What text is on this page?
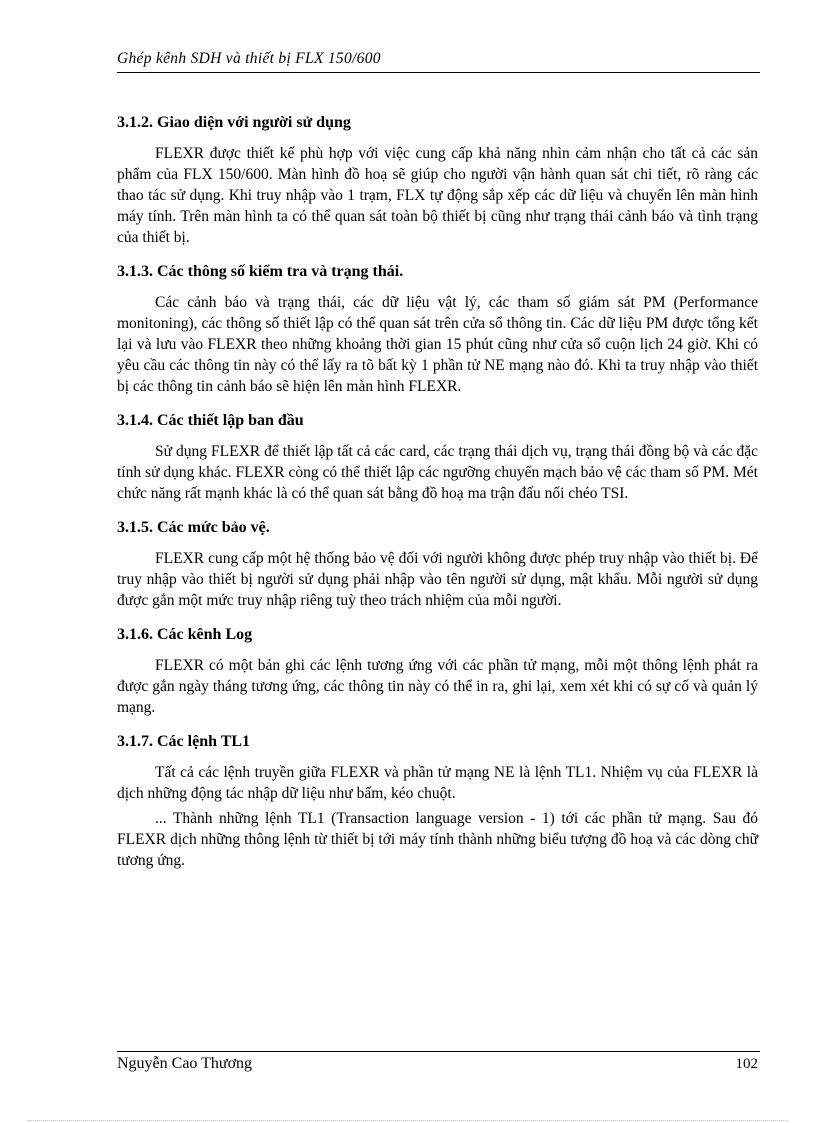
Ghép kênh SDH và thiết bị FLX 150/600
3.1.2. Giao diện với người sử dụng

FLEXR được thiết kế phù hợp với việc cung cấp khả năng nhìn cảm nhận cho tất cả các sản phẩm của FLX 150/600. Màn hình đồ hoạ sẽ giúp cho người vận hành quan sát chi tiết, rõ ràng các thao tác sử dụng. Khi truy nhập vào 1 trạm, FLX tự động sắp xếp các dữ liệu và chuyển lên màn hình máy tính. Trên màn hình ta có thể quan sát toàn bộ thiết bị cũng như trạng thái cảnh báo và tình trạng của thiết bị.

3.1.3. Các thông số kiểm tra và trạng thái.

Các cảnh báo và trạng thái, các dữ liệu vật lý, các tham số giám sát PM (Performance monitoning), các thông số thiết lập có thể quan sát trên cửa sổ thông tin. Các dữ liệu PM được tổng kết lại và lưu vào FLEXR theo những khoảng thời gian 15 phút cũng như cửa sổ cuộn lịch 24 giờ. Khi có yêu cầu các thông tin này có thể lấy ra tõ bất kỳ 1 phần tử NE mạng nào đó. Khi ta truy nhập vào thiết bị các thông tin cảnh báo sẽ hiện lên màn hình FLEXR.

3.1.4. Các thiết lập ban đầu

Sử dụng FLEXR để thiết lập tất cả các card, các trạng thái dịch vụ, trạng thái đồng bộ và các đặc tính sử dụng khác. FLEXR còng có thể thiết lập các ngưỡng chuyển mạch bảo vệ các tham số PM. Mét chức năng rất mạnh khác là có thể quan sát bằng đồ hoạ ma trận đấu nối chéo TSI.

3.1.5. Các mức bảo vệ.

FLEXR cung cấp một hệ thống bảo vệ đối với người không được phép truy nhập vào thiết bị. Để truy nhập vào thiết bị người sử dụng phải nhập vào tên người sử dụng, mật khẩu. Mỗi người sử dụng được gắn một mức truy nhập riêng tuỳ theo trách nhiệm của mỗi người.

3.1.6. Các kênh Log

FLEXR có một bản ghi các lệnh tương ứng với các phần tử mạng, mỗi một thông lệnh phát ra được gắn ngày tháng tương ứng, các thông tin này có thể in ra, ghi lại, xem xét khi có sự cố và quản lý mạng.

3.1.7. Các lệnh TL1

Tất cả các lệnh truyền giữa FLEXR và phần tử mạng NE là lệnh TL1. Nhiệm vụ của FLEXR là dịch những động tác nhập dữ liệu như bấm, kéo chuột.

... Thành những lệnh TL1 (Transaction language version - 1) tới các phần tử mạng. Sau đó FLEXR dịch những thông lệnh từ thiết bị tới máy tính thành những biểu tượng đồ hoạ và các dòng chữ tương ứng.

Nguyễn Cao Thương	102
